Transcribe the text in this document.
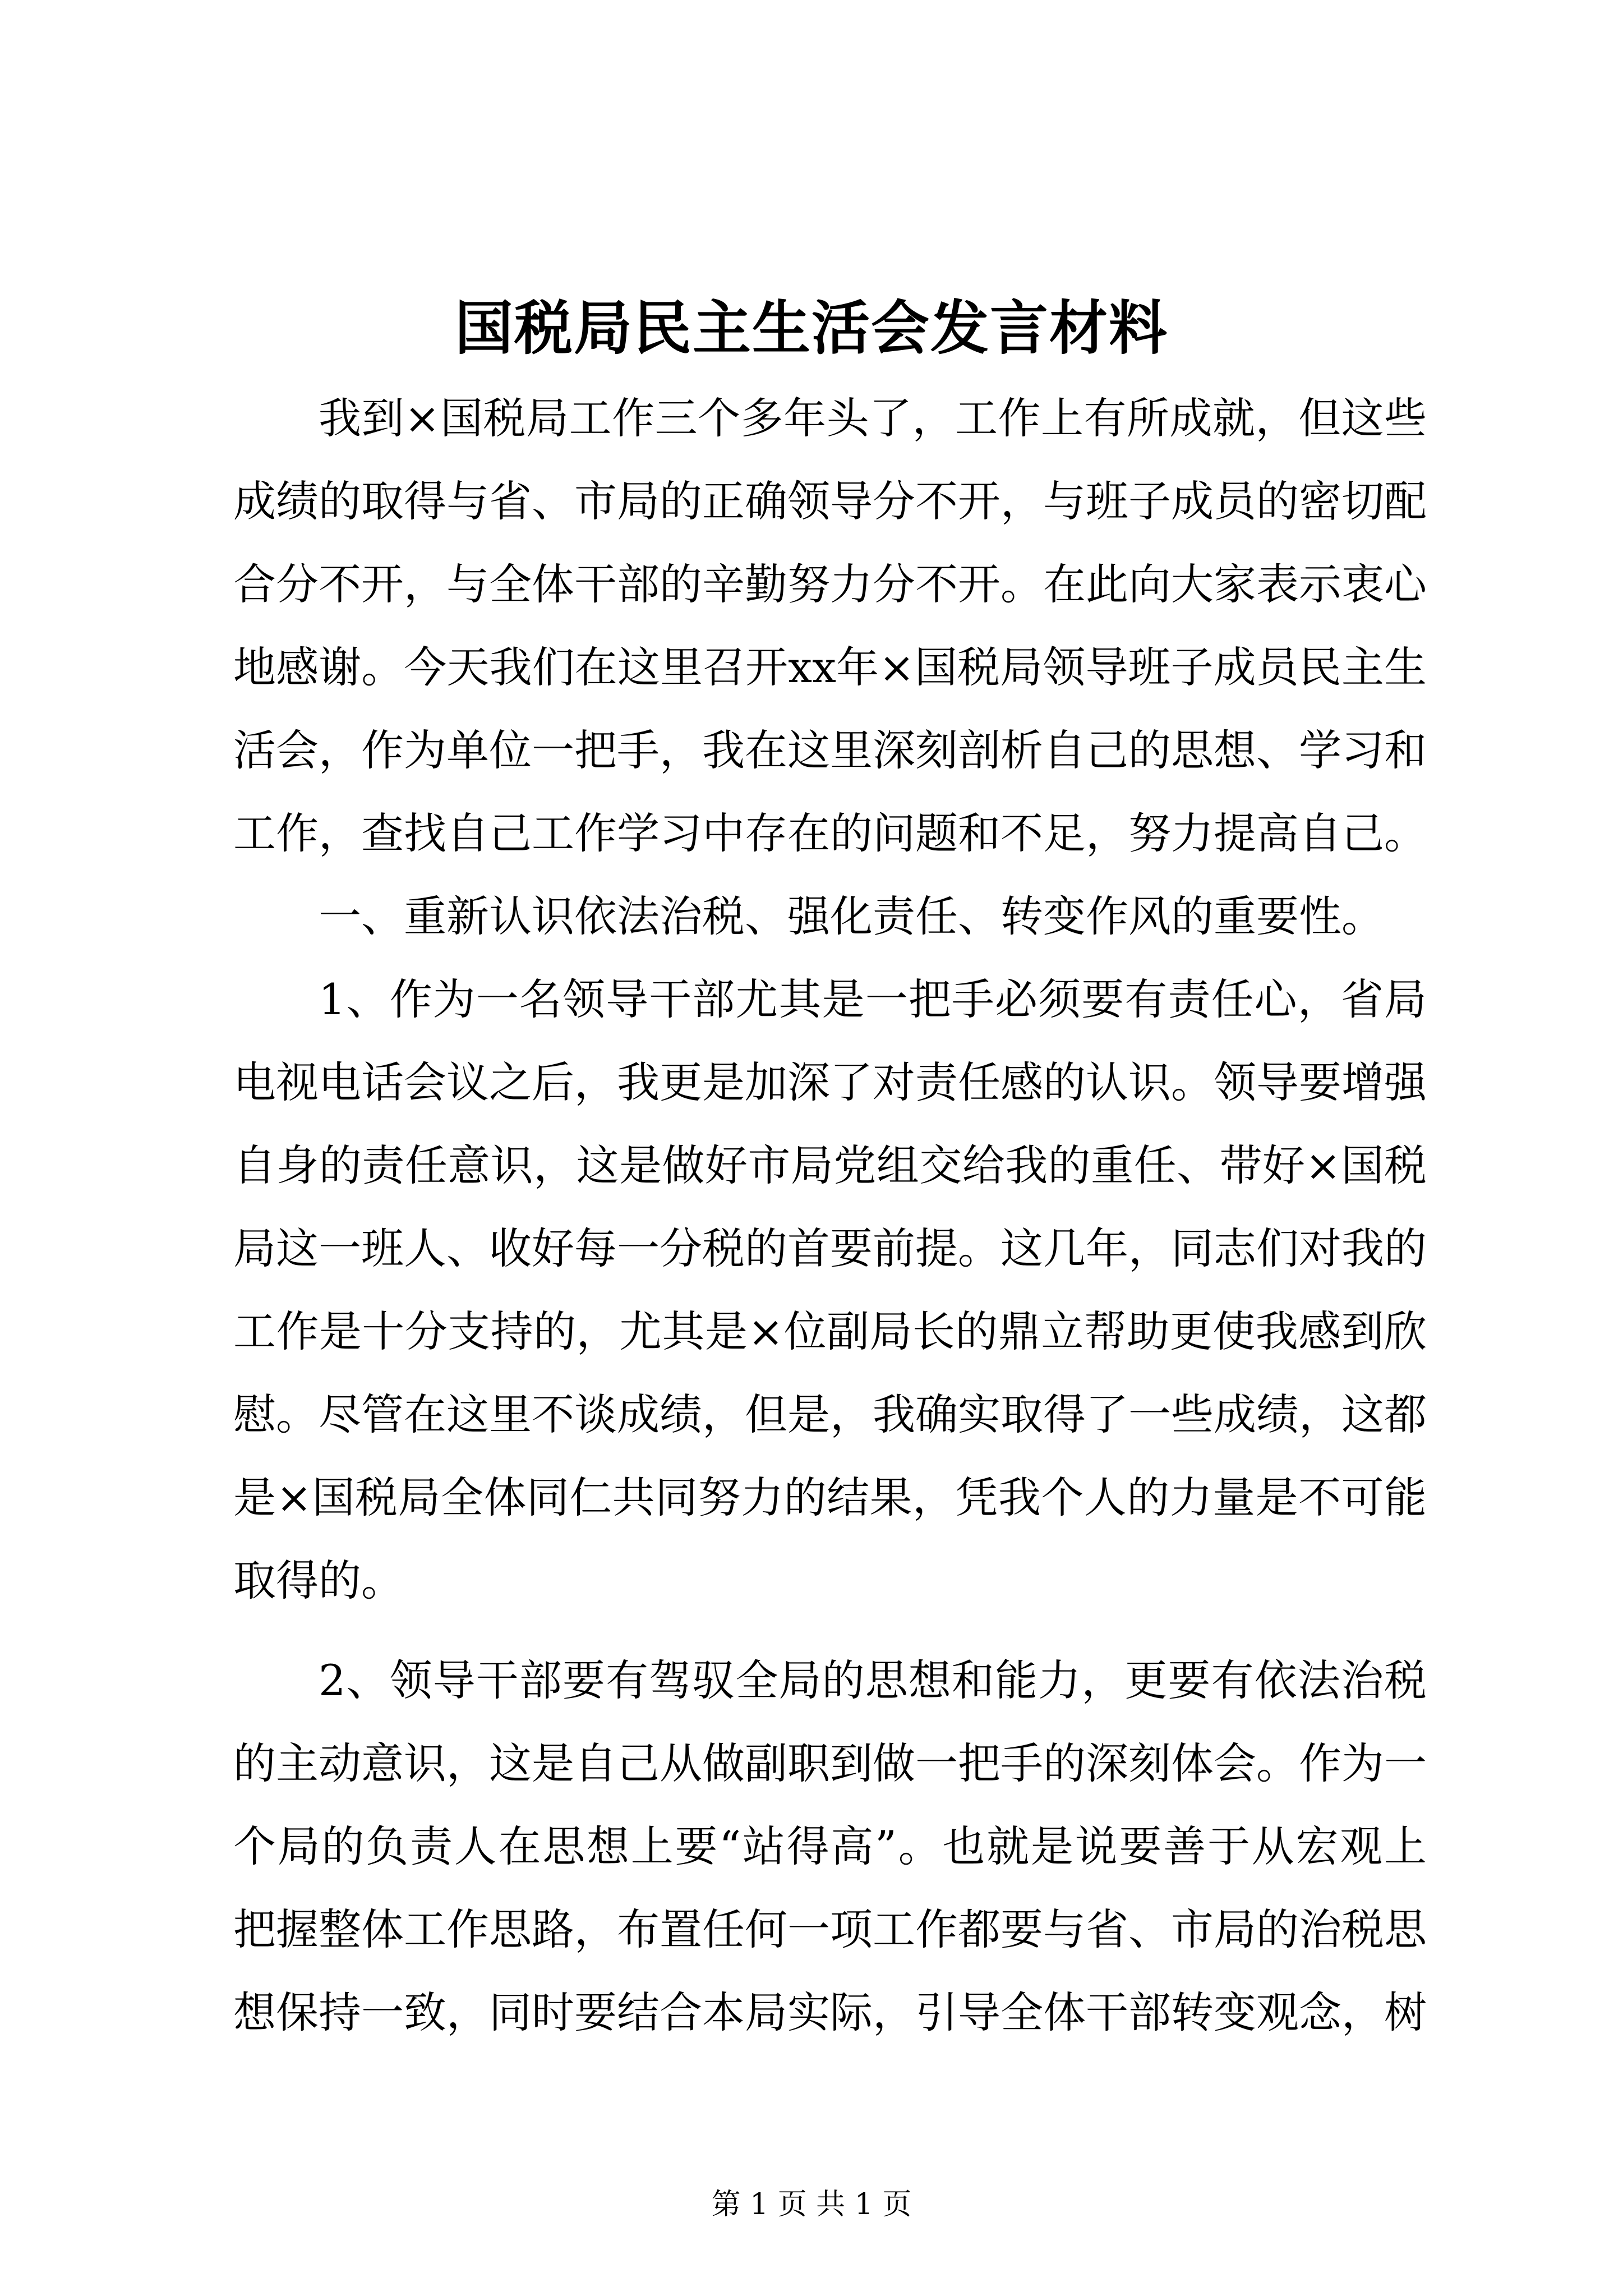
国税局民主生活会发言材料

我到×国税局工作三个多年头了，工作上有所成就，但这些成绩的取得与省、市局的正确领导分不开，与班子成员的密切配合分不开，与全体干部的辛勤努力分不开。在此向大家表示衷心地感谢。今天我们在这里召开xx年×国税局领导班子成员民主生活会，作为单位一把手，我在这里深刻剖析自己的思想、学习和工作，查找自己工作学习中存在的问题和不足，努力提高自己。

一、重新认识依法治税、强化责任、转变作风的重要性。

1、作为一名领导干部尤其是一把手必须要有责任心，省局电视电话会议之后，我更是加深了对责任感的认识。领导要增强自身的责任意识，这是做好市局党组交给我的重任、带好×国税局这一班人、收好每一分税的首要前提。这几年，同志们对我的工作是十分支持的，尤其是×位副局长的鼎立帮助更使我感到欣慰。尽管在这里不谈成绩，但是，我确实取得了一些成绩，这都是×国税局全体同仁共同努力的结果，凭我个人的力量是不可能取得的。

2、领导干部要有驾驭全局的思想和能力，更要有依法治税的主动意识，这是自己从做副职到做一把手的深刻体会。作为一个局的负责人在思想上要“站得高”。也就是说要善于从宏观上把握整体工作思路，布置任何一项工作都要与省、市局的治税思想保持一致，同时要结合本局实际，引导全体干部转变观念，树

第 1 页 共 1 页
